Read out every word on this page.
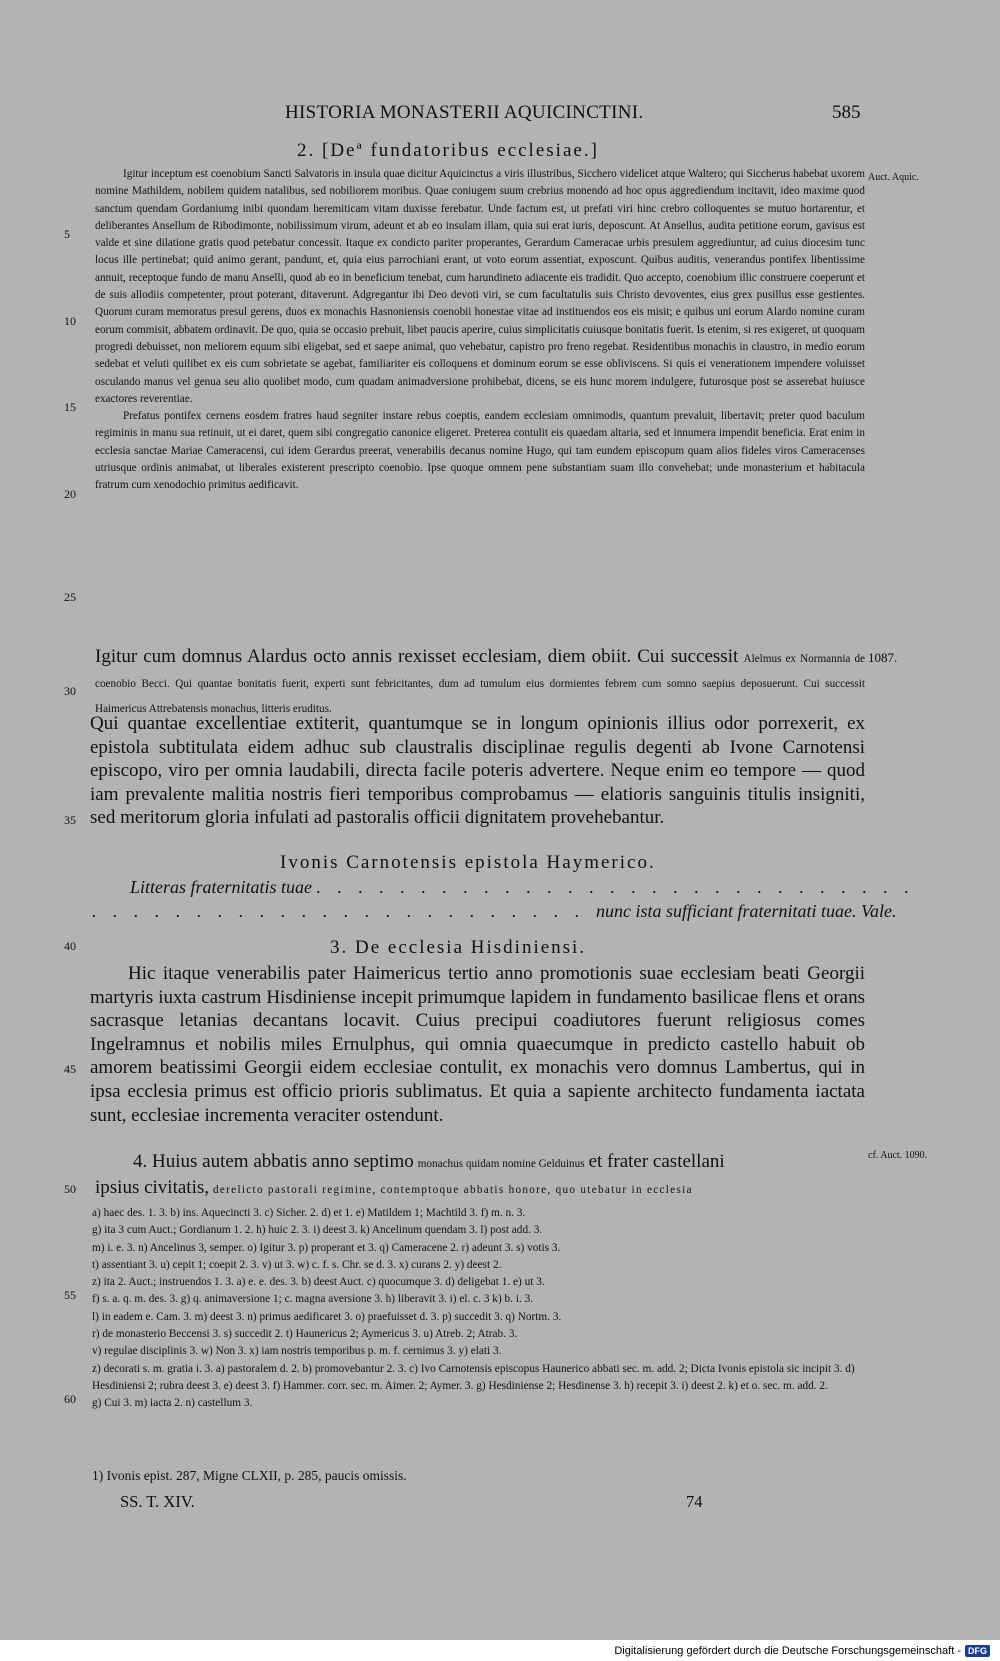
HISTORIA MONASTERII AQUICINCTINI.	585
2. [Deª fundatoribus ecclesiae.]
Auct. Aquic.

Igitur inceptum est coenobium Sancti Salvatoris in insula quae dicitur Aquicinctus a viris illustribus, Sicchero videlicet atque Waltero; qui Siccherus habebat uxorem nomine Mathildem, nobilem quidem natalibus, sed nobiliorem moribus. Quae coniugem suum crebrius monendo ad hoc opus aggrediendum incitavit, ideo maxime quod sanctum quendam Gordaniumg inibi quondam heremiticam vitam duxisse ferebatur. Unde factum est, ut prefati viri hinc crebro colloquentes se mutuo hortarentur, et deliberantes Ansellum de Ribodimonte, nobilissimum virum, adeunt et ab eo insulam illam, quia sui erat iuris, deposcunt. At Ansellus, audita petitione eorum, gavisus est valde et sine dilatione gratis quod petebatur concessit. Itaque ex condicto pariter properantes, Gerardum Cameracae urbis presulem aggrediuntur, ad cuius diocesim tunc locus ille pertinebat; quid animo gerant, pandunt, et, quia eius parrochiani erant, ut voto eorum assentiat, exposcunt. Quibus auditis, venerandus pontifex libentissime annuit, receptoque fundo de manu Anselli, quod ab eo in beneficium tenebat, cum harundineto adiacente eis tradidit. Quo accepto, coenobium illic construere coeperunt et de suis allodiis competenter, prout poterant, ditaverunt. Adgregantur ibi Deo devoti viri, se cum facultatulis suis Christo devoventes, eius grex pusillus esse gestientes. Quorum curam memoratus presul gerens, duos ex monachis Hasnoniensis coenobii honestae vitae ad instituendos eos eis misit; e quibus uni eorum Alardo nomine curam eorum commisit, abbatem ordinavit. De quo, quia se occasio prebuit, libet paucis aperire, cuius simplicitatis cuiusque bonitatis fuerit. Is etenim, si res exigeret, ut quoquam progredi debuisset, non meliorem equum sibi eligebat, sed et saepe animal, quo vehebatur, capistro pro freno regebat. Residentibus monachis in claustro, in medio eorum sedebat et veluti quilibet ex eis cum sobrietate se agebat, familiariter eis colloquens et dominum eorum se esse obliviscens. Si quis ei venerationem impendere voluisset osculando manus vel genua seu alio quolibet modo, cum quadam animadversione prohibebat, dicens, se eis hunc morem indulgere, futurosque post se asserebat huiusce exactores reverentiae.

Prefatus pontifex cernens eosdem fratres haud segniter instare rebus coeptis, eandem ecclesiam omnimodis, quantum prevaluit, libertavit; preter quod baculum regiminis in manu sua retinuit, ut ei daret, quem sibi congregatio canonice eligeret. Preterea contulit eis quaedam altaria, sed et innumera impendit beneficia. Erat enim in ecclesia sanctae Mariae Cameracensi, cui idem Gerardus preerat, venerabilis decanus nomine Hugo, qui tam eundem episcopum quam alios fideles viros Cameracenses utriusque ordinis animabat, ut liberales existerent prescripto coenobio. Ipse quoque omnem pene substantiam suam illo convehebat; unde monasterium et habitacula fratrum cum xenodochio primitus aedificavit.

Igitur cum domnus Alardus octo annis rexisset ecclesiam, diem obiit. Cui successit Alelmus ex Normannia de coenobio Becci. Qui quantae bonitatis fuerit, experti sunt febricitantes, dum ad tumulum eius dormientes febrem cum somno saepius deposuerunt. Cui successit Haimericus Attrebatensis monachus, litteris eruditus.
1087.

Qui quantae excellentiae extiterit, quantumque se in longum opinionis illius odor porrexerit, ex epistola subtitulata eidem adhuc sub claustralis disciplinae regulis degenti ab Ivone Carnotensi episcopo, viro per omnia laudabili, directa facile poteris advertere. Neque enim eo tempore — quod iam prevalente malitia nostris fieri temporibus comprobamus — elatioris sanguinis titulis insigniti, sed meritorum gloria infulati ad pastoralis officii dignitatem provehebantur.

Ivonis Carnotensis epistola Haymerico.
Litteras fraternitatis tuae . . . . . . . . . . . . . . . . . . . . . . . . . . . . .
. . . . . . . . . . . . . . . . . . . . . . . . nunc ista sufficiant fraternitati tuae. Vale.
3. De ecclesia Hisdiniensi.

Hic itaque venerabilis pater Haimericus tertio anno promotionis suae ecclesiam beati Georgii martyris iuxta castrum Hisdiniense incepit primumque lapidem in fundamento basilicae flens et orans sacrasque letanias decantans locavit. Cuius precipui coadiutores fuerunt religiosus comes Ingelramnus et nobilis miles Ernulphus, qui omnia quaecumque in predicto castello habuit ob amorem beatissimi Georgii eidem ecclesiae contulit, ex monachis vero domnus Lambertus, qui in ipsa ecclesia primus est officio prioris sublimatus. Et quia a sapiente architecto fundamenta iactata sunt, ecclesiae incrementa veraciter ostendunt.

4. Huius autem abbatis anno septimo monachus quidam nomine Gelduinus et frater castellani
ipsius civitatis, derelicto pastorali regimine, contemptoque abbatis honore, quo utebatur in ecclesia
cf. Auct. 1090.
a) haec des. 1. 3. b) ins. Aquecincti 3. c) Sicher. 2. d) et 1. e) Matildem 1; Machtild 3. f) m. n. 3.
g) ita 3 cum Auct.; Gordianum 1. 2. h) huic 2. 3. i) deest 3. k) Ancelinum quendam 3. l) post add. 3.
m) i. e. 3. n) Ancelinus 3, semper. o) Igitur 3. p) properant et 3. q) Cameracene 2. r) adeunt 3. s) votis 3.
t) assentiant 3. u) cepit 1; coepit 2. 3. v) ut 3. w) c. f. s. Chr. se d. 3. x) curans 2. y) deest 2.
z) ita 2. Auct.; instruendos 1. 3. a) e. e. des. 3. b) deest Auct. c) quocumque 3. d) deligebat 1. e) ut 3.
f) s. a. q. m. des. 3. g) q. animaversione 1; c. magna aversione 3. h) liberavit 3. i) el. c. 3 k) b. i. 3.
l) in eadem e. Cam. 3. m) deest 3. n) primus aedificaret 3. o) praefuisset d. 3. p) succedit 3. q) Nortm. 3.
r) de monasterio Beccensi 3. s) succedit 2. t) Haunericus 2; Aymericus 3. u) Atreb. 2; Atrab. 3.
v) regulae disciplinis 3. w) Non 3. x) iam nostris temporibus p. m. f. cernimus 3. y) elati 3.
z) decorati s. m. gratia i. 3. a) pastoralem d. 2. b) promovebantur 2. 3. c) Ivo Carnotensis episcopus Haunerico abbati sec. m. add. 2; Dicta Ivonis epistola sic incipit 3. d) Hesdiniensi 2; rubra deest 3. e) deest 3. f) Hammer. corr. sec. m. Aimer. 2; Aymer. 3. g) Hesdiniense 2; Hesdinense 3. h) recepit 3. i) deest 2. k) et o. sec. m. add. 2.
g) Cui 3. m) iacta 2. n) castellum 3.
1) Ivonis epist. 287, Migne CLXII, p. 285, paucis omissis.
SS. T. XIV.	74
5
10
15
20
25
30
35
40
45
50
55
60
Digitalisierung gefördert durch die Deutsche Forschungsgemeinschaft - DFG
